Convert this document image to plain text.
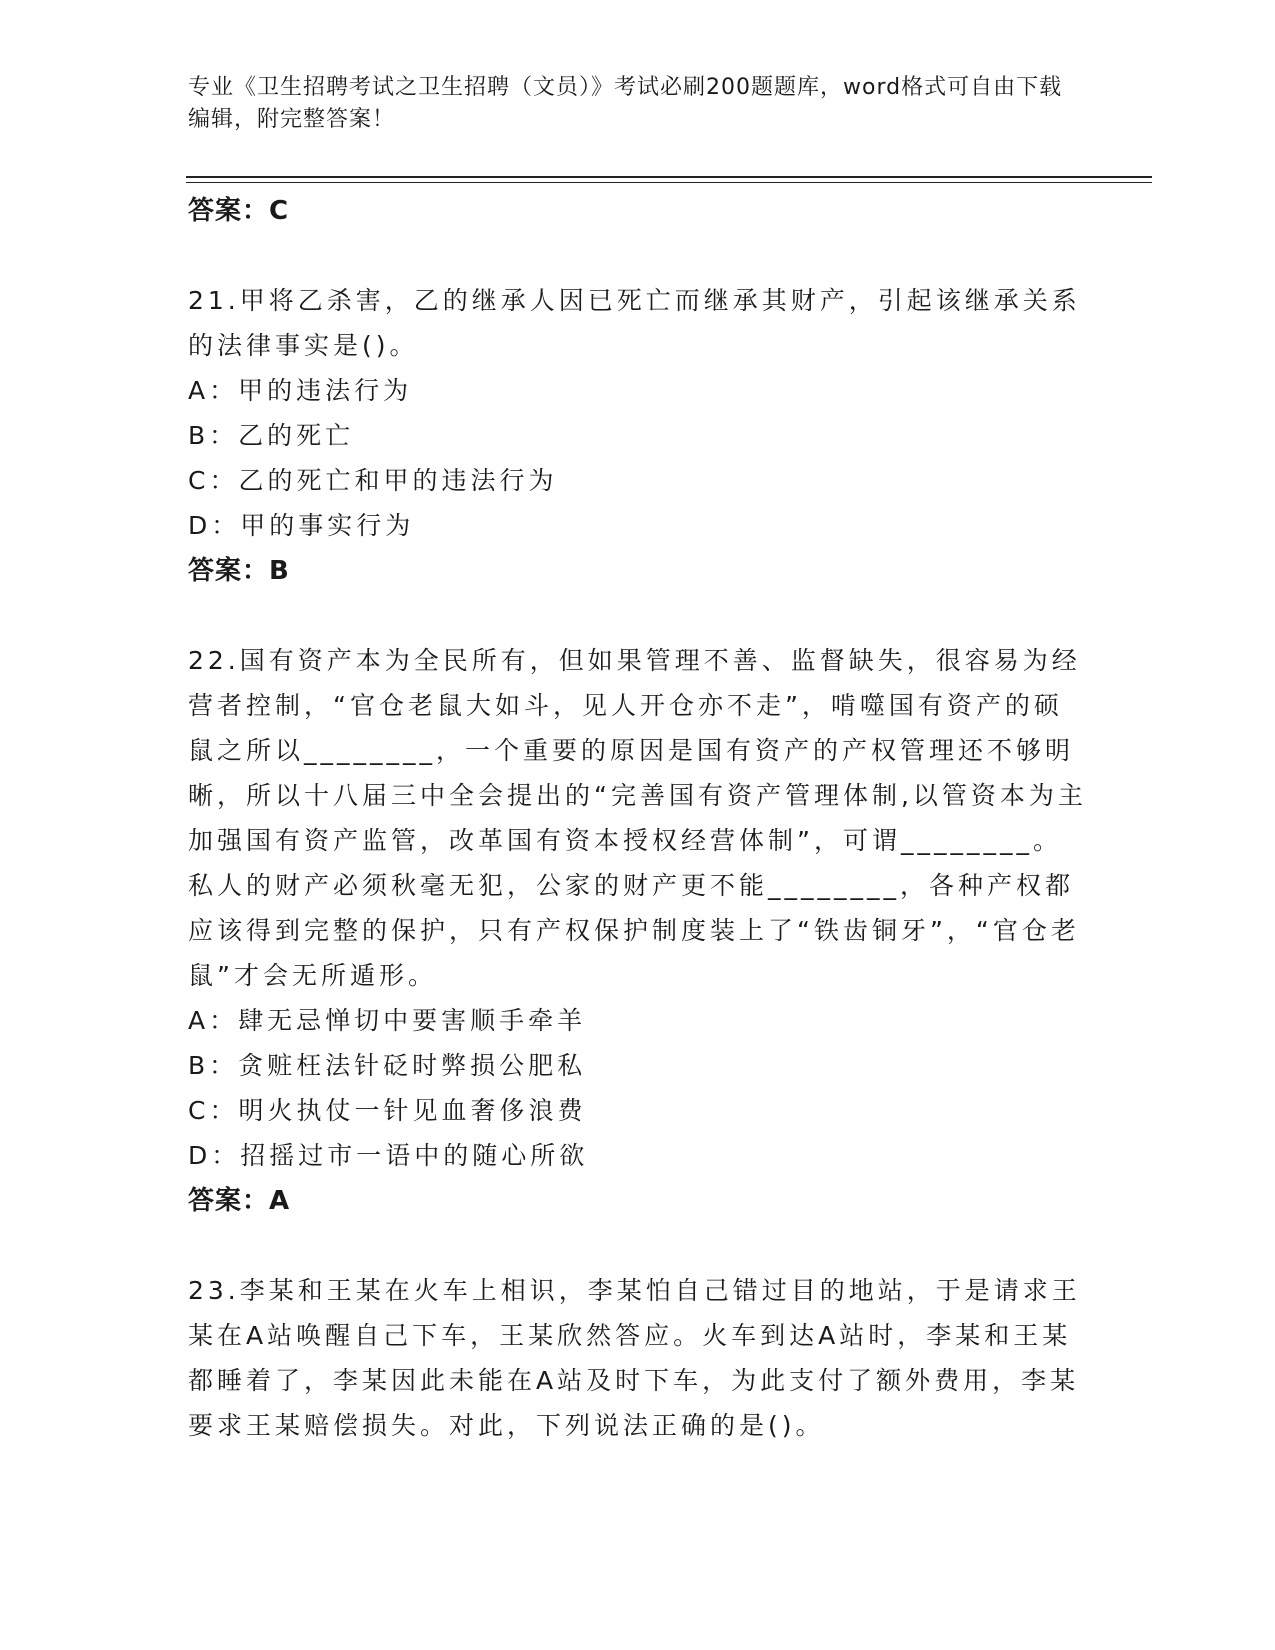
专业《卫生招聘考试之卫生招聘（文员）》考试必刷200题题库，word格式可自由下载编辑，附完整答案！
答案：C
21.甲将乙杀害，乙的继承人因已死亡而继承其财产，引起该继承关系的法律事实是()。
A：甲的违法行为
B：乙的死亡
C：乙的死亡和甲的违法行为
D：甲的事实行为
答案：B
22.国有资产本为全民所有，但如果管理不善、监督缺失，很容易为经营者控制，“官仓老鼠大如斗，见人开仓亦不走”，啃噬国有资产的硕鼠之所以________，一个重要的原因是国有资产的产权管理还不够明晰，所以十八届三中全会提出的“完善国有资产管理体制,以管资本为主加强国有资产监管，改革国有资本授权经营体制”，可谓________。私人的财产必须秋毫无犯，公家的财产更不能________，各种产权都应该得到完整的保护，只有产权保护制度装上了“铁齿铜牙”，“官仓老鼠”才会无所遁形。
A：肆无忌惮切中要害顺手牵羊
B：贪赃枉法针砭时弊损公肥私
C：明火执仗一针见血奢侈浪费
D：招摇过市一语中的随心所欲
答案：A
23.李某和王某在火车上相识，李某怕自己错过目的地站，于是请求王某在A站唤醒自己下车，王某欣然答应。火车到达A站时，李某和王某都睡着了，李某因此未能在A站及时下车，为此支付了额外费用，李某要求王某赔偿损失。对此，下列说法正确的是()。
